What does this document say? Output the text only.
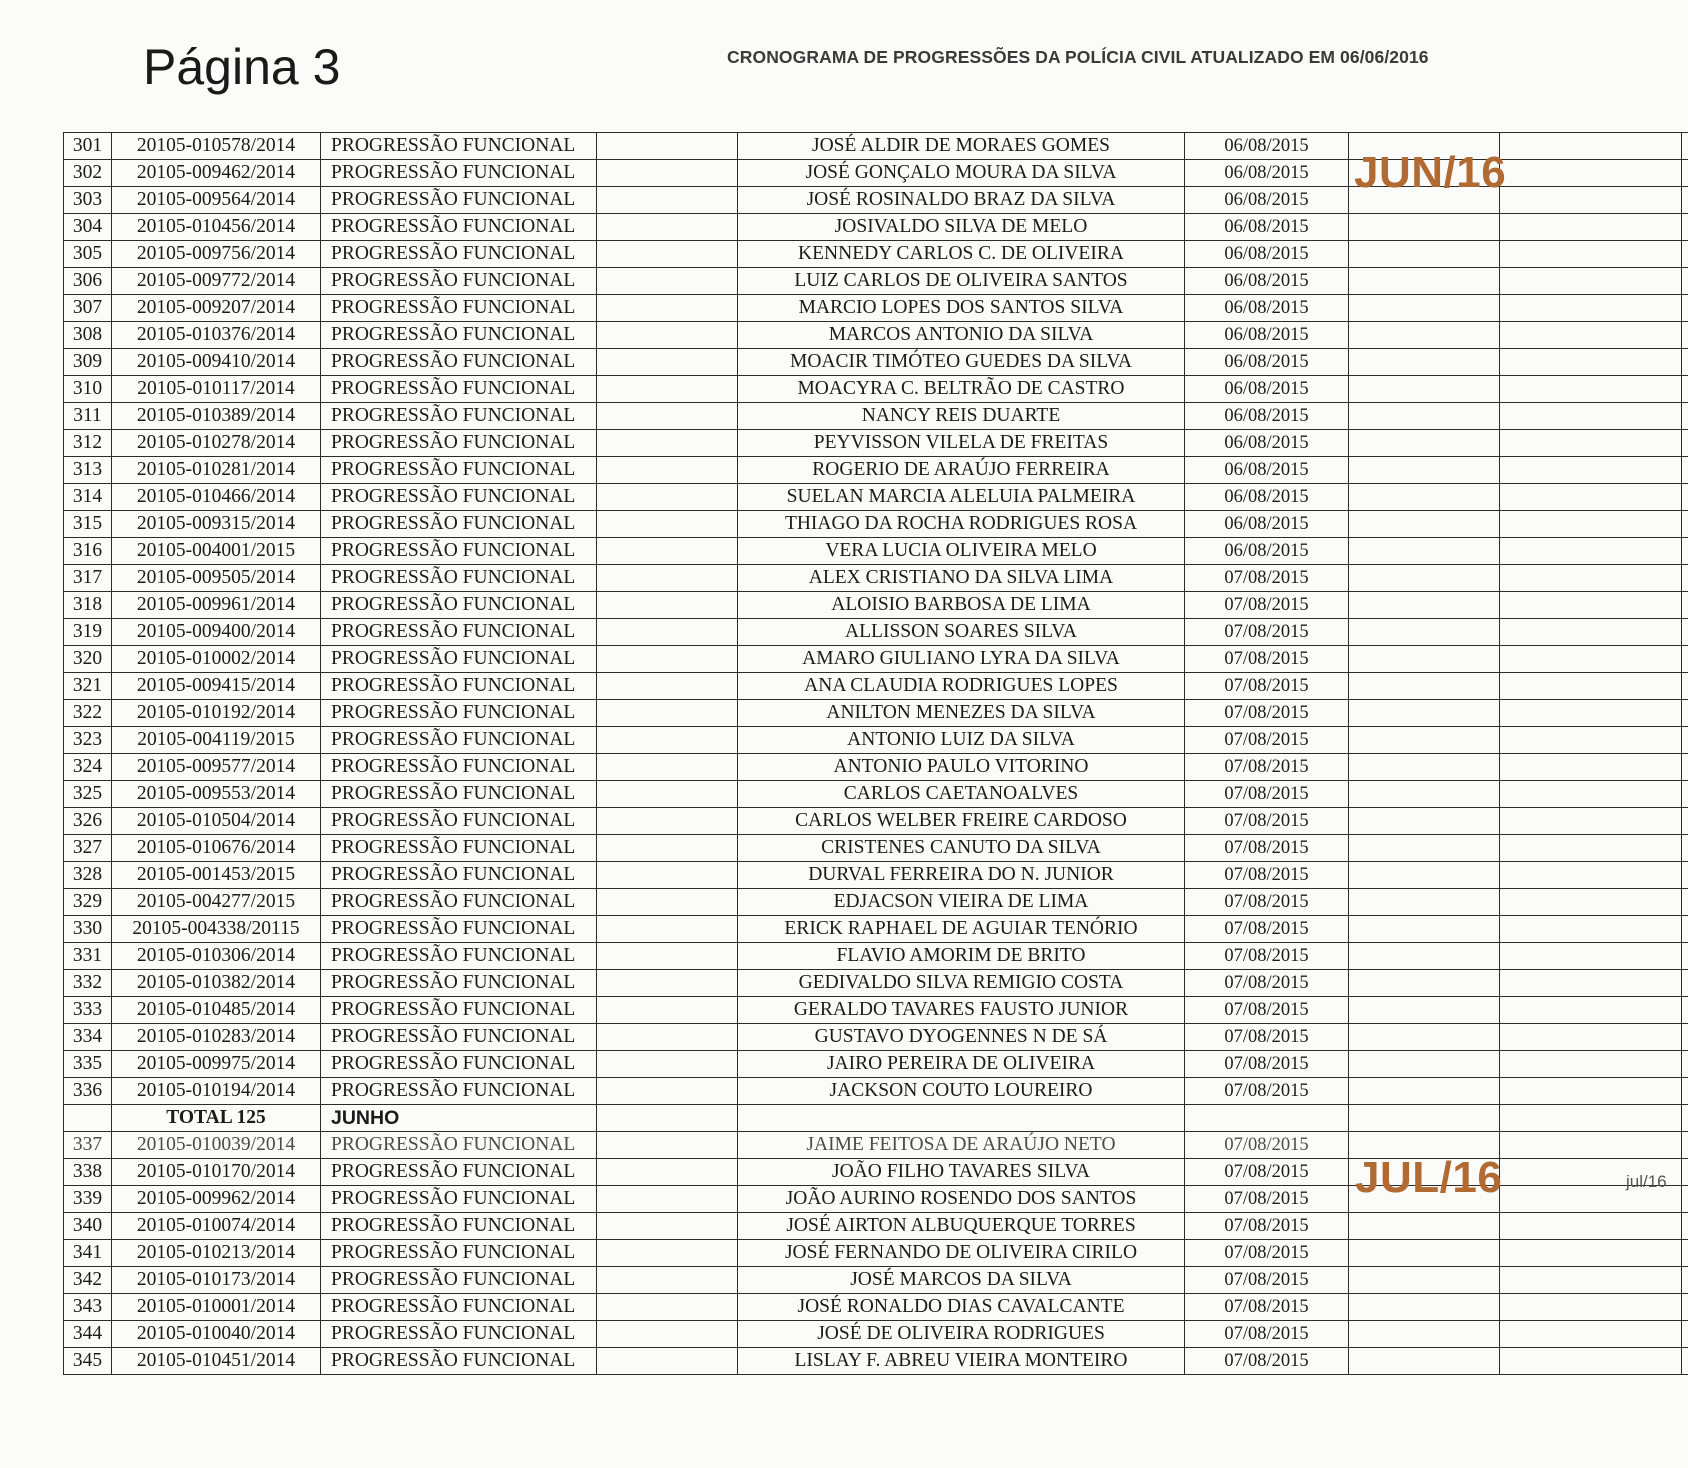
Página 3	CRONOGRAMA DE PROGRESSÕES DA POLÍCIA CIVIL ATUALIZADO EM 06/06/2016
301	20105-010578/2014	PROGRESSÃO FUNCIONAL		JOSÉ ALDIR DE MORAES GOMES	06/08/2015			
302	20105-009462/2014	PROGRESSÃO FUNCIONAL		JOSÉ GONÇALO MOURA DA SILVA	06/08/2015			
303	20105-009564/2014	PROGRESSÃO FUNCIONAL		JOSÉ ROSINALDO BRAZ DA SILVA	06/08/2015			
304	20105-010456/2014	PROGRESSÃO FUNCIONAL		JOSIVALDO SILVA DE MELO	06/08/2015			
305	20105-009756/2014	PROGRESSÃO FUNCIONAL		KENNEDY CARLOS C. DE OLIVEIRA	06/08/2015			
306	20105-009772/2014	PROGRESSÃO FUNCIONAL		LUIZ CARLOS DE OLIVEIRA SANTOS	06/08/2015			
307	20105-009207/2014	PROGRESSÃO FUNCIONAL		MARCIO LOPES DOS SANTOS SILVA	06/08/2015			
308	20105-010376/2014	PROGRESSÃO FUNCIONAL		MARCOS ANTONIO DA SILVA	06/08/2015			
309	20105-009410/2014	PROGRESSÃO FUNCIONAL		MOACIR TIMÓTEO GUEDES DA SILVA	06/08/2015			
310	20105-010117/2014	PROGRESSÃO FUNCIONAL		MOACYRA C. BELTRÃO DE CASTRO	06/08/2015			
311	20105-010389/2014	PROGRESSÃO FUNCIONAL		NANCY REIS DUARTE	06/08/2015			
312	20105-010278/2014	PROGRESSÃO FUNCIONAL		PEYVISSON VILELA DE FREITAS	06/08/2015			
313	20105-010281/2014	PROGRESSÃO FUNCIONAL		ROGERIO DE ARAÚJO FERREIRA	06/08/2015			
314	20105-010466/2014	PROGRESSÃO FUNCIONAL		SUELAN MARCIA ALELUIA PALMEIRA	06/08/2015			
315	20105-009315/2014	PROGRESSÃO FUNCIONAL		THIAGO DA ROCHA RODRIGUES ROSA	06/08/2015			
316	20105-004001/2015	PROGRESSÃO FUNCIONAL		VERA LUCIA OLIVEIRA MELO	06/08/2015			
317	20105-009505/2014	PROGRESSÃO FUNCIONAL		ALEX CRISTIANO DA SILVA LIMA	07/08/2015			
318	20105-009961/2014	PROGRESSÃO FUNCIONAL		ALOISIO BARBOSA DE LIMA	07/08/2015			
319	20105-009400/2014	PROGRESSÃO FUNCIONAL		ALLISSON SOARES SILVA	07/08/2015			
320	20105-010002/2014	PROGRESSÃO FUNCIONAL		AMARO GIULIANO LYRA DA SILVA	07/08/2015			
321	20105-009415/2014	PROGRESSÃO FUNCIONAL		ANA CLAUDIA RODRIGUES LOPES	07/08/2015			
322	20105-010192/2014	PROGRESSÃO FUNCIONAL		ANILTON MENEZES DA SILVA	07/08/2015			
323	20105-004119/2015	PROGRESSÃO FUNCIONAL		ANTONIO LUIZ DA SILVA	07/08/2015			
324	20105-009577/2014	PROGRESSÃO FUNCIONAL		ANTONIO PAULO VITORINO	07/08/2015			
325	20105-009553/2014	PROGRESSÃO FUNCIONAL		CARLOS CAETANOALVES	07/08/2015			
326	20105-010504/2014	PROGRESSÃO FUNCIONAL		CARLOS WELBER FREIRE CARDOSO	07/08/2015			
327	20105-010676/2014	PROGRESSÃO FUNCIONAL		CRISTENES CANUTO DA SILVA	07/08/2015			
328	20105-001453/2015	PROGRESSÃO FUNCIONAL		DURVAL FERREIRA DO N. JUNIOR	07/08/2015			
329	20105-004277/2015	PROGRESSÃO FUNCIONAL		EDJACSON VIEIRA DE LIMA	07/08/2015			
330	20105-004338/20115	PROGRESSÃO FUNCIONAL		ERICK RAPHAEL DE AGUIAR TENÓRIO	07/08/2015			
331	20105-010306/2014	PROGRESSÃO FUNCIONAL		FLAVIO AMORIM DE BRITO	07/08/2015			
332	20105-010382/2014	PROGRESSÃO FUNCIONAL		GEDIVALDO SILVA REMIGIO COSTA	07/08/2015			
333	20105-010485/2014	PROGRESSÃO FUNCIONAL		GERALDO TAVARES FAUSTO JUNIOR	07/08/2015			
334	20105-010283/2014	PROGRESSÃO FUNCIONAL		GUSTAVO DYOGENNES N DE SÁ	07/08/2015			
335	20105-009975/2014	PROGRESSÃO FUNCIONAL		JAIRO PEREIRA DE OLIVEIRA	07/08/2015			
336	20105-010194/2014	PROGRESSÃO FUNCIONAL		JACKSON COUTO LOUREIRO	07/08/2015			
	TOTAL 125	JUNHO						
337	20105-010039/2014	PROGRESSÃO FUNCIONAL		JAIME FEITOSA DE ARAÚJO NETO	07/08/2015			
338	20105-010170/2014	PROGRESSÃO FUNCIONAL		JOÃO FILHO TAVARES SILVA	07/08/2015			
339	20105-009962/2014	PROGRESSÃO FUNCIONAL		JOÃO AURINO ROSENDO DOS SANTOS	07/08/2015			
340	20105-010074/2014	PROGRESSÃO FUNCIONAL		JOSÉ AIRTON ALBUQUERQUE TORRES	07/08/2015			
341	20105-010213/2014	PROGRESSÃO FUNCIONAL		JOSÉ FERNANDO DE OLIVEIRA CIRILO	07/08/2015			
342	20105-010173/2014	PROGRESSÃO FUNCIONAL		JOSÉ MARCOS DA SILVA	07/08/2015			
343	20105-010001/2014	PROGRESSÃO FUNCIONAL		JOSÉ RONALDO DIAS CAVALCANTE	07/08/2015			
344	20105-010040/2014	PROGRESSÃO FUNCIONAL		JOSÉ DE OLIVEIRA RODRIGUES	07/08/2015			
345	20105-010451/2014	PROGRESSÃO FUNCIONAL		LISLAY F. ABREU VIEIRA MONTEIRO	07/08/2015			
JUN/16
JUL/16	jul/16
